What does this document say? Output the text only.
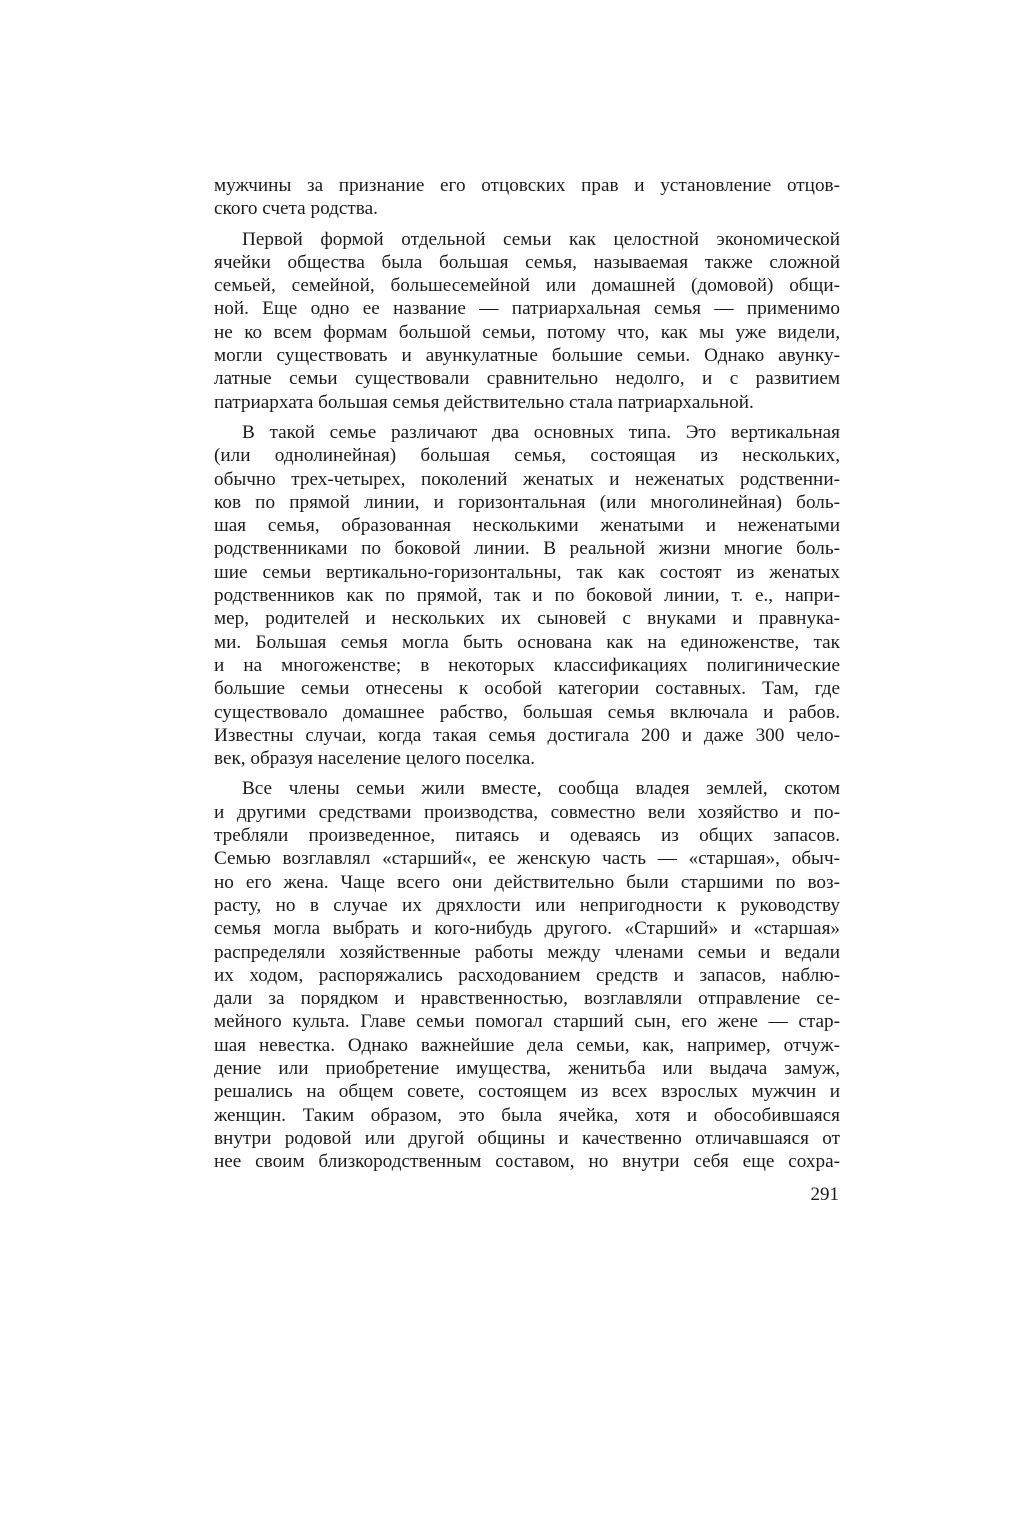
мужчины за признание его отцовских прав и установление отцов-
ского счета родства.
Первой формой отдельной семьи как целостной экономической
ячейки общества была большая семья, называемая также сложной
семьей, семейной, большесемейной или домашней (домовой) общи-
ной. Еще одно ее название — патриархальная семья — применимо
не ко всем формам большой семьи, потому что, как мы уже видели,
могли существовать и авункулатные большие семьи. Однако авунку-
латные семьи существовали сравнительно недолго, и с развитием
патриархата большая семья действительно стала патриархальной.
В такой семье различают два основных типа. Это вертикальная
(или однолинейная) большая семья, состоящая из нескольких,
обычно трех-четырех, поколений женатых и неженатых родственни-
ков по прямой линии, и горизонтальная (или многолинейная) боль-
шая семья, образованная несколькими женатыми и неженатыми
родственниками по боковой линии. В реальной жизни многие боль-
шие семьи вертикально-горизонтальны, так как состоят из женатых
родственников как по прямой, так и по боковой линии, т. е., напри-
мер, родителей и нескольких их сыновей с внуками и правнука-
ми. Большая семья могла быть основана как на единоженстве, так
и на многоженстве; в некоторых классификациях полигинические
большие семьи отнесены к особой категории составных. Там, где
существовало домашнее рабство, большая семья включала и рабов.
Известны случаи, когда такая семья достигала 200 и даже 300 чело-
век, образуя население целого поселка.
Все члены семьи жили вместе, сообща владея землей, скотом
и другими средствами производства, совместно вели хозяйство и по-
требляли произведенное, питаясь и одеваясь из общих запасов.
Семью возглавлял «старший«, ее женскую часть — «старшая», обыч-
но его жена. Чаще всего они действительно были старшими по воз-
расту, но в случае их дряхлости или непригодности к руководству
семья могла выбрать и кого-нибудь другого. «Старший» и «старшая»
распределяли хозяйственные работы между членами семьи и ведали
их ходом, распоряжались расходованием средств и запасов, наблю-
дали за порядком и нравственностью, возглавляли отправление се-
мейного культа. Главе семьи помогал старший сын, его жене — стар-
шая невестка. Однако важнейшие дела семьи, как, например, отчуж-
дение или приобретение имущества, женитьба или выдача замуж,
решались на общем совете, состоящем из всех взрослых мужчин и
женщин. Таким образом, это была ячейка, хотя и обособившаяся
внутри родовой или другой общины и качественно отличавшаяся от
нее своим близкородственным составом, но внутри себя еще сохра-
291
